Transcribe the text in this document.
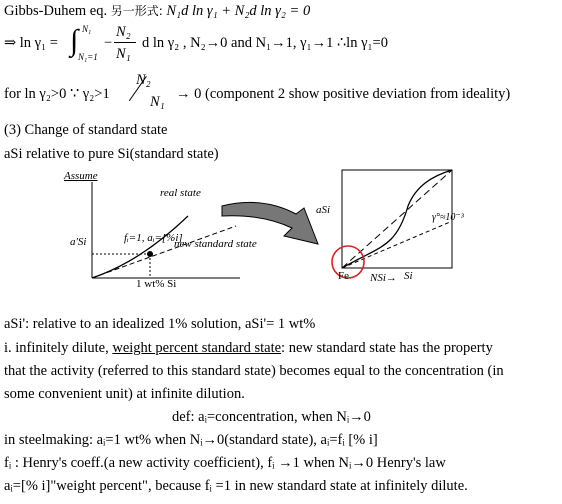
Gibbs-Duhem eq. 另一形式: N₁d ln γ₁ + N₂d ln γ₂ = 0
⇒ ln γ₁ = ∫ N₁
N₁=1
−
N₂
N₁
d ln γ₂ , N₂→0 and N₁→1, γ₁→1 ∴ln γ₁=0
for ln γ₂>0 ∵ γ₂>1
N₂
N₁ → 0 (component 2 show positive deviation from ideality)
(3) Change of standard state
aSi relative to pure Si(standard state)
Assume
real state
fᵢ=1, aᵢ=[%i]
new standard state
a'Si
1 wt% Si
aSi
γ°≈10⁻³
Fe NSi→ Si
aSi': relative to an idealized 1% solution, aSi'= 1 wt%
i. infinitely dilute, weight percent standard state: new standard state has the property
that the activity (referred to this standard state) becomes equal to the concentration (in
some convenient unit) at infinite dilution.
def: aᵢ=concentration, when Nᵢ→0
in steelmaking: aᵢ=1 wt% when Nᵢ→0(standard state), aᵢ=fᵢ [% i]
fᵢ : Henry's coeff.(a new activity coefficient), fᵢ →1 when Nᵢ→0 Henry's law
aᵢ=[% i]"weight percent", because fᵢ =1 in new standard state at infinitely dilute.
